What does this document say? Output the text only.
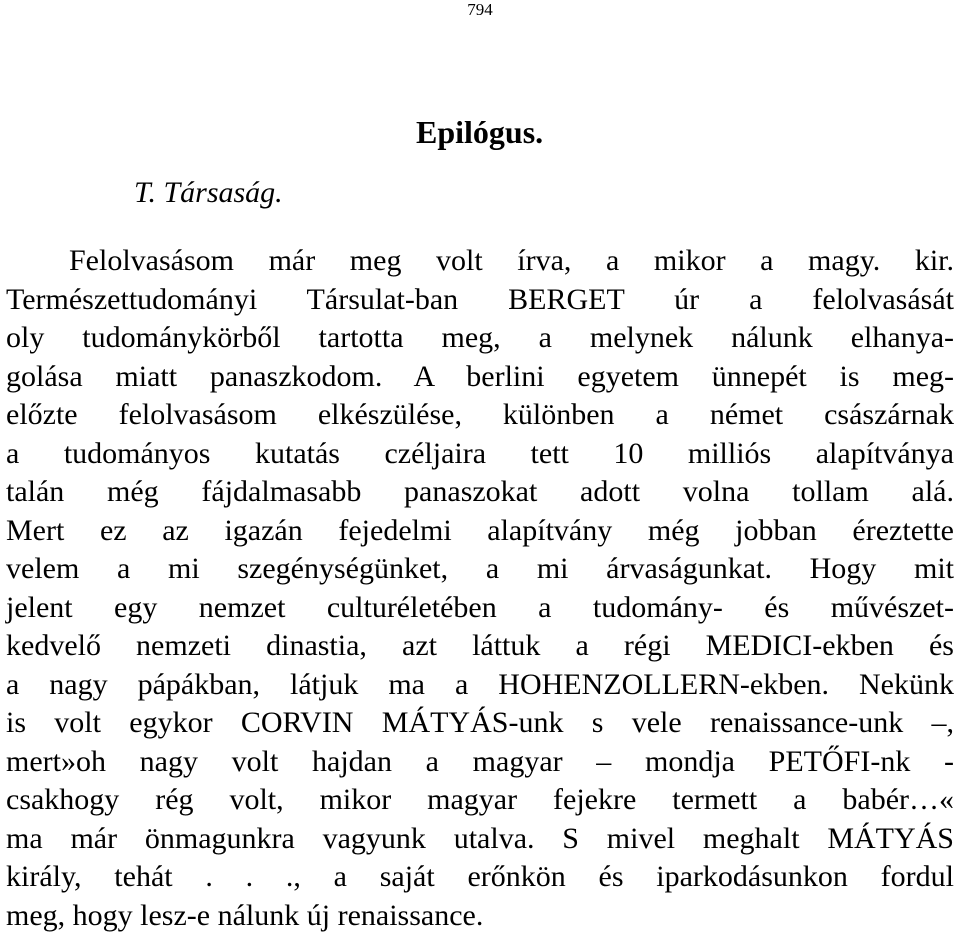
794
Epilógus.
T. Társaság.
Felolvasásom már meg volt írva, a mikor a magy. kir.
Természettudományi Társulat-ban BERGET úr a felolvasását
oly tudománykörből tartotta meg, a melynek nálunk elhanya-
golása miatt panaszkodom. A berlini egyetem ünnepét is meg-
előzte felolvasásom elkészülése, különben a német császárnak
a tudományos kutatás czéljaira tett 10 milliós alapítványa
talán még fájdalmasabb panaszokat adott volna tollam alá.
Mert ez az igazán fejedelmi alapítvány még jobban éreztette
velem a mi szegénységünket, a mi árvaságunkat. Hogy mit
jelent egy nemzet culturéletében a tudomány- és művészet-
kedvelő nemzeti dinastia, azt láttuk a régi MEDICI-ekben és
a nagy pápákban, látjuk ma a HOHENZOLLERN-ekben. Nekünk
is volt egykor CORVIN MÁTYÁS-unk s vele renaissance-unk –,
mert»oh nagy volt hajdan a magyar – mondja PETŐFI-nk -
csakhogy rég volt, mikor magyar fejekre termett a babér…«
ma már önmagunkra vagyunk utalva. S mivel meghalt MÁTYÁS
király, tehát . . ., a saját erőnkön és iparkodásunkon fordul
meg, hogy lesz-e nálunk új renaissance.
